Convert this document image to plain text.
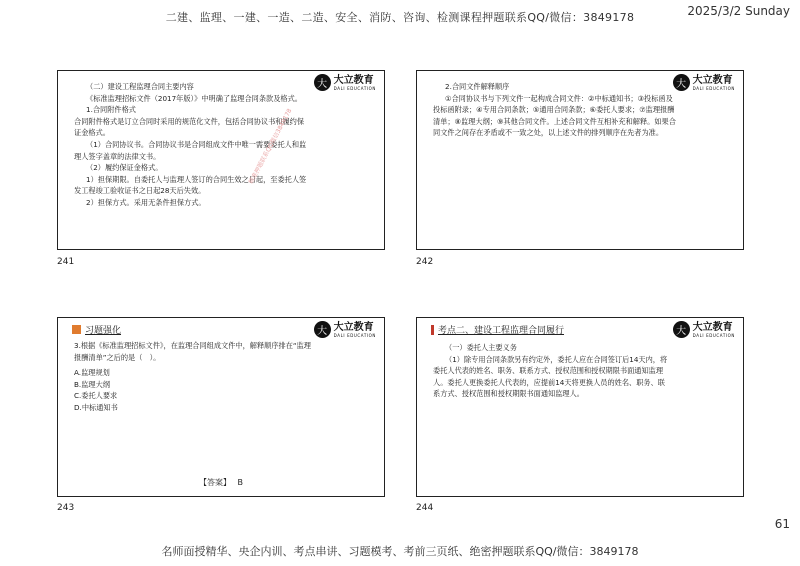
二建、监理、一建、一造、二造、安全、消防、咨询、检测课程押题联系QQ/微信：3849178	2025/3/2 Sunday
大 大立教育
DALI EDUCATION

（二）建设工程监理合同主要内容

《标准监理招标文件（2017年版）》中明确了监理合同条款及格式。

1.合同附件格式

合同附件格式是订立合同时采用的规范化文件，包括合同协议书和履约保证金格式。

（1）合同协议书。合同协议书是合同组成文件中唯一需要委托人和监理人签字盖章的法律文书。

（2）履约保证金格式。

1）担保期限。自委托人与监理人签订的合同生效之日起，至委托人签发工程竣工验收证书之日起28天后失效。

2）担保方式。采用无条件担保方式。

精准押题联系QQ微信3849178
241
大 大立教育
DALI EDUCATION

2.合同文件解释顺序

①合同协议书与下列文件一起构成合同文件：②中标通知书；③投标函及投标函附录；④专用合同条款；⑤通用合同条款；⑥委托人要求；⑦监理报酬清单；⑧监理大纲；⑨其他合同文件。上述合同文件互相补充和解释。如果合同文件之间存在矛盾或不一致之处，以上述文件的排列顺序在先者为准。

242
习题强化	大 大立教育
DALI EDUCATION

3.根据《标准监理招标文件》，在监理合同组成文件中，解释顺序排在“监理报酬清单”之后的是（　）。

A.监理规划

B.监理大纲

C.委托人要求

D.中标通知书

【答案】 B
243
考点二、建设工程监理合同履行	大 大立教育
DALI EDUCATION

（一）委托人主要义务

（1）除专用合同条款另有约定外，委托人应在合同签订后14天内，将委托人代表的姓名、职务、联系方式、授权范围和授权期限书面通知监理人。委托人更换委托人代表的，应提前14天将更换人员的姓名、职务、联系方式、授权范围和授权期限书面通知监理人。

244
61
名师面授精华、央企内训、考点串讲、习题模考、考前三页纸、绝密押题联系QQ/微信：3849178
